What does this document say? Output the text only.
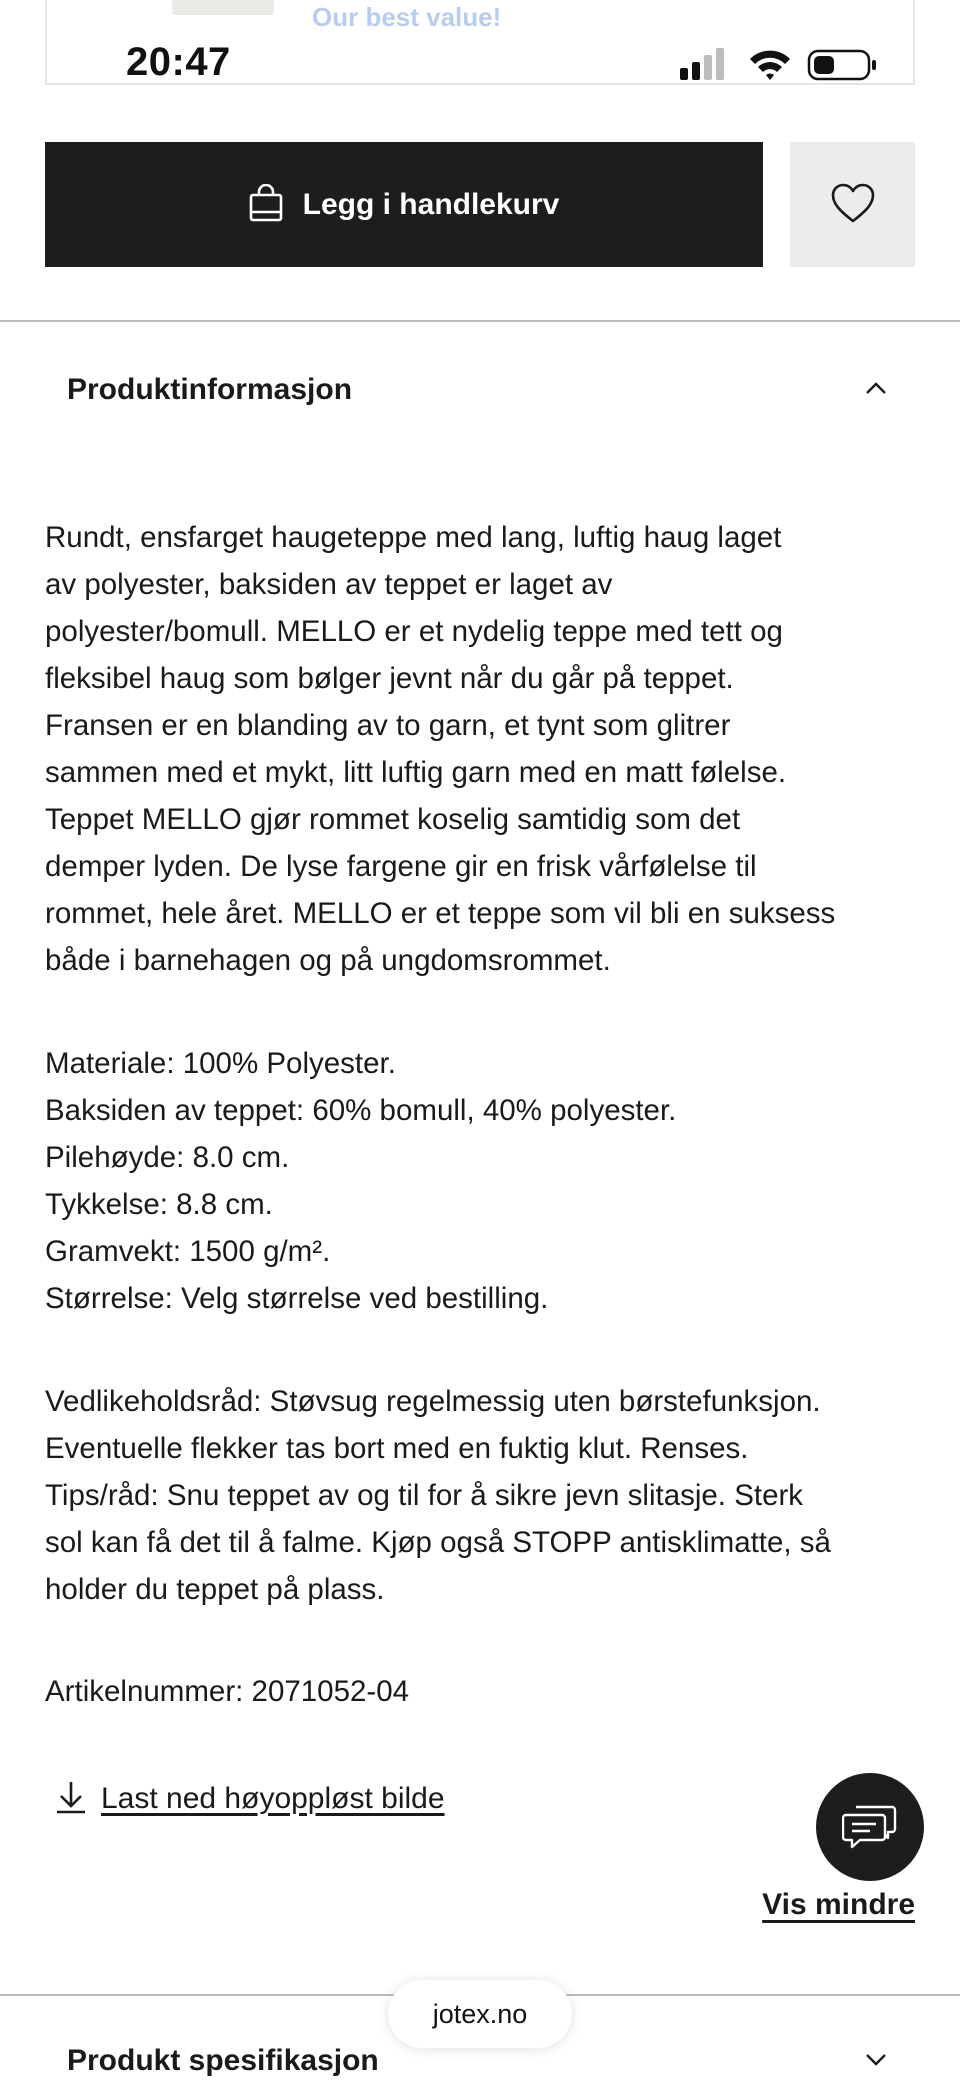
Our best value!
20:47
Legg i handlekurv
Produktinformasjon
Rundt, ensfarget haugeteppe med lang, luftig haug laget
av polyester, baksiden av teppet er laget av
polyester/bomull. MELLO er et nydelig teppe med tett og
fleksibel haug som bølger jevnt når du går på teppet.
Fransen er en blanding av to garn, et tynt som glitrer
sammen med et mykt, litt luftig garn med en matt følelse.
Teppet MELLO gjør rommet koselig samtidig som det
demper lyden. De lyse fargene gir en frisk vårfølelse til
rommet, hele året. MELLO er et teppe som vil bli en suksess
både i barnehagen og på ungdomsrommet.
Materiale: 100% Polyester.
Baksiden av teppet: 60% bomull, 40% polyester.
Pilehøyde: 8.0 cm.
Tykkelse: 8.8 cm.
Gramvekt: 1500 g/m².
Størrelse: Velg størrelse ved bestilling.
Vedlikeholdsråd: Støvsug regelmessig uten børstefunksjon.
Eventuelle flekker tas bort med en fuktig klut. Renses.
Tips/råd: Snu teppet av og til for å sikre jevn slitasje. Sterk
sol kan få det til å falme. Kjøp også STOPP antisklimatte, så
holder du teppet på plass.
Artikelnummer: 2071052-04
Last ned høyoppløst bilde
Vis mindre
Produkt spesifikasjon
jotex.no
